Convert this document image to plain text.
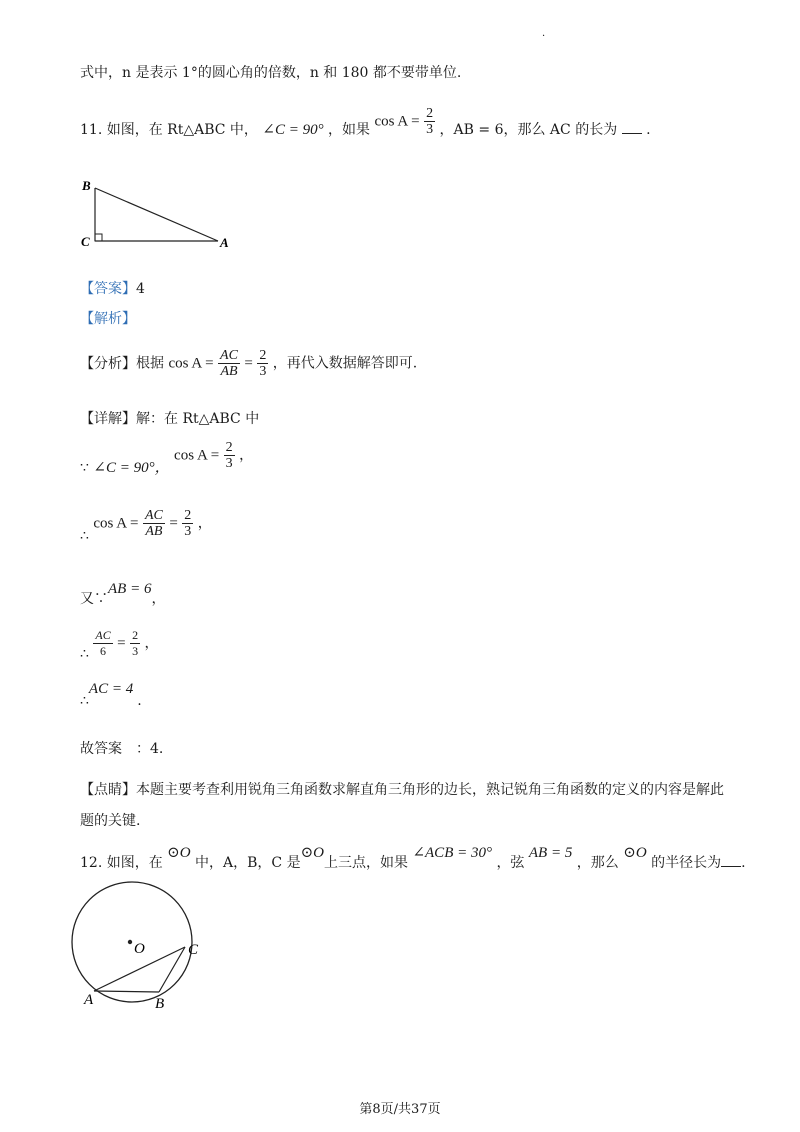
·
式中，n 是表示 1°的圆心角的倍数，n 和 180 都不要带单位.
11. 如图，在 Rt△ABC 中， ∠C = 90° ，如果 $\cos A = \frac{2}{3}$ ，AB = 6，那么 AC 的长为 .
B
C	A
【答案】4
【解析】
【分析】根据 $\cos A = \frac{AC}{AB} = \frac{2}{3}$ ，再代入数据解答即可.
【详解】解：在 Rt△ABC 中
∵ ∠C = 90°， $\cos A = \frac{2}{3}$ ，
∴ $\cos A = \frac{AC}{AB} = \frac{2}{3}$ ，
又∵AB = 6，
∴ $\frac{AC}{6} = \frac{2}{3}$ ，
∴AC = 4.
故答案　：4.
【点睛】本题主要考查利用锐角三角函数求解直角三角形的边长，熟记锐角三角函数的定义的内容是解此
题的关键.
12. 如图，在 ⊙O 中，A，B，C 是⊙O上三点，如果 ∠ACB = 30° ，弦 AB = 5 ，那么 ⊙O 的半径长为 .
O	C
A	B
第8页/共37页
